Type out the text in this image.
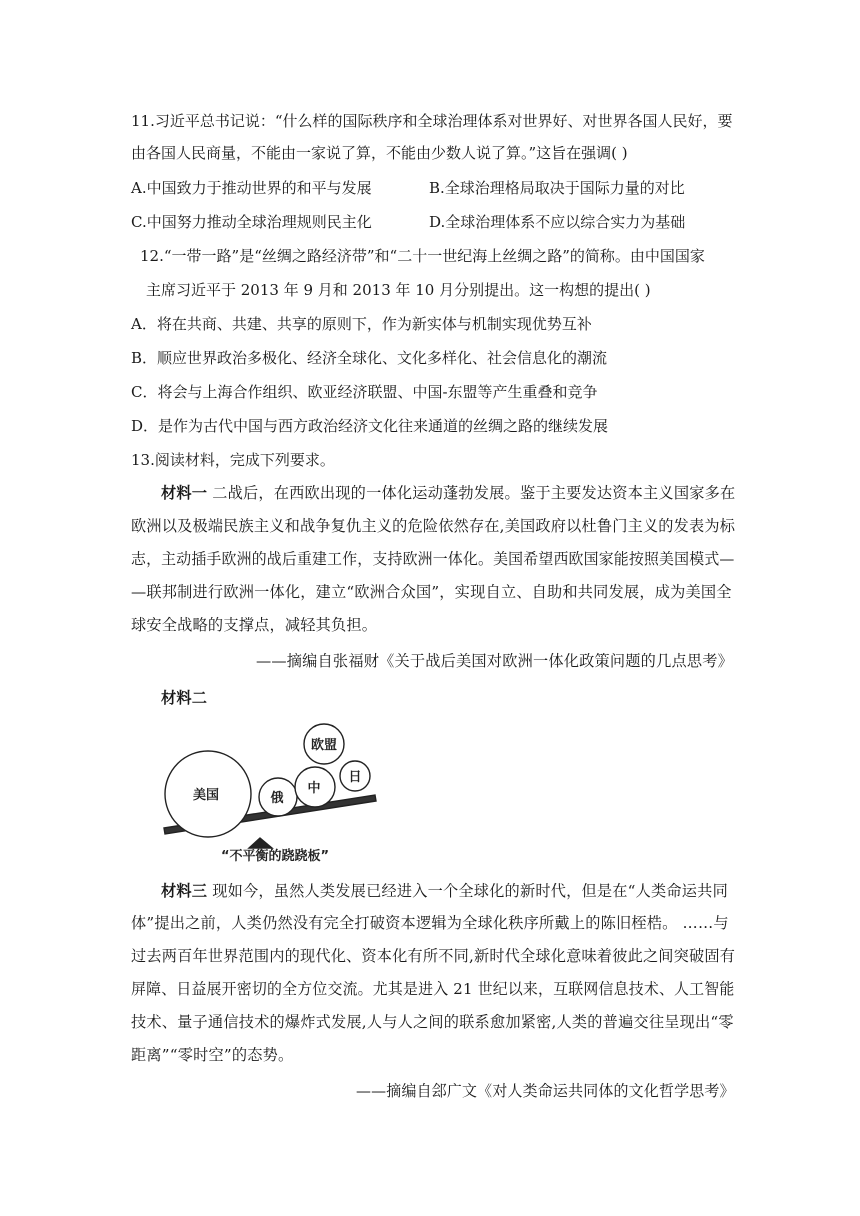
11.习近平总书记说：“什么样的国际秩序和全球治理体系对世界好、对世界各国人民好，要
由各国人民商量，不能由一家说了算，不能由少数人说了算。”这旨在强调( )
A.中国致力于推动世界的和平与发展	B.全球治理格局取决于国际力量的对比
C.中国努力推动全球治理规则民主化	D.全球治理体系不应以综合实力为基础
12.“一带一路”是“丝绸之路经济带”和“二十一世纪海上丝绸之路”的简称。由中国国家
主席习近平于 2013 年 9 月和 2013 年 10 月分别提出。这一构想的提出( )
A．将在共商、共建、共享的原则下，作为新实体与机制实现优势互补
B．顺应世界政治多极化、经济全球化、文化多样化、社会信息化的潮流
C．将会与上海合作组织、欧亚经济联盟、中国-东盟等产生重叠和竞争
D．是作为古代中国与西方政治经济文化往来通道的丝绸之路的继续发展
13.阅读材料，完成下列要求。
材料一 二战后，在西欧出现的一体化运动蓬勃发展。鉴于主要发达资本主义国家多在
欧洲以及极端民族主义和战争复仇主义的危险依然存在,美国政府以杜鲁门主义的发表为标
志，主动插手欧洲的战后重建工作，支持欧洲一体化。美国希望西欧国家能按照美国模式—
—联邦制进行欧洲一体化，建立“欧洲合众国”，实现自立、自助和共同发展，成为美国全
球安全战略的支撑点，减轻其负担。
——摘编自张福财《关于战后美国对欧洲一体化政策问题的几点思考》
材料二
美国	俄
中
欧盟
日
“不平衡的跷跷板”
材料三 现如今，虽然人类发展已经进入一个全球化的新时代，但是在“人类命运共同
体”提出之前，人类仍然没有完全打破资本逻辑为全球化秩序所戴上的陈旧桎梏。 ……与
过去两百年世界范围内的现代化、资本化有所不同,新时代全球化意味着彼此之间突破固有
屏障、日益展开密切的全方位交流。尤其是进入 21 世纪以来，互联网信息技术、人工智能
技术、量子通信技术的爆炸式发展,人与人之间的联系愈加紧密,人类的普遍交往呈现出“零
距离”“零时空”的态势。
——摘编自郐广文《对人类命运共同体的文化哲学思考》
